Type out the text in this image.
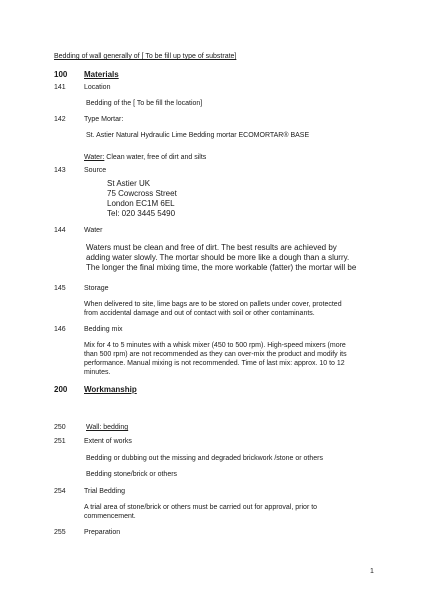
Bedding of wall generally of [ To be fill up type of substrate]
100 Materials
141	Location
Bedding of the [ To be fill the location]
142	Type Mortar:
St. Astier Natural Hydraulic Lime Bedding mortar ECOMORTAR® BASE
Water: Clean water, free of dirt and silts
143	Source
St Astier UK
75 Cowcross Street
London EC1M 6EL
Tel: 020 3445 5490
144	Water
Waters must be clean and free of dirt. The best results are achieved by
adding water slowly. The mortar should be more like a dough than a slurry.
The longer the final mixing time, the more workable (fatter) the mortar will be
145	Storage
When delivered to site, lime bags are to be stored on pallets under cover, protected
from accidental damage and out of contact with soil or other contaminants.
146	Bedding mix
Mix for 4 to 5 minutes with a whisk mixer (450 to 500 rpm). High-speed mixers (more
than 500 rpm) are not recommended as they can over-mix the product and modify its
performance. Manual mixing is not recommended. Time of last mix: approx. 10 to 12
minutes.
200 Workmanship
250	Wall: bedding
251	Extent of works
Bedding or dubbing out the missing and degraded brickwork /stone or others
Bedding stone/brick or others
254	Trial Bedding
A trial area of stone/brick or others must be carried out for approval, prior to
commencement.
255	Preparation
1
